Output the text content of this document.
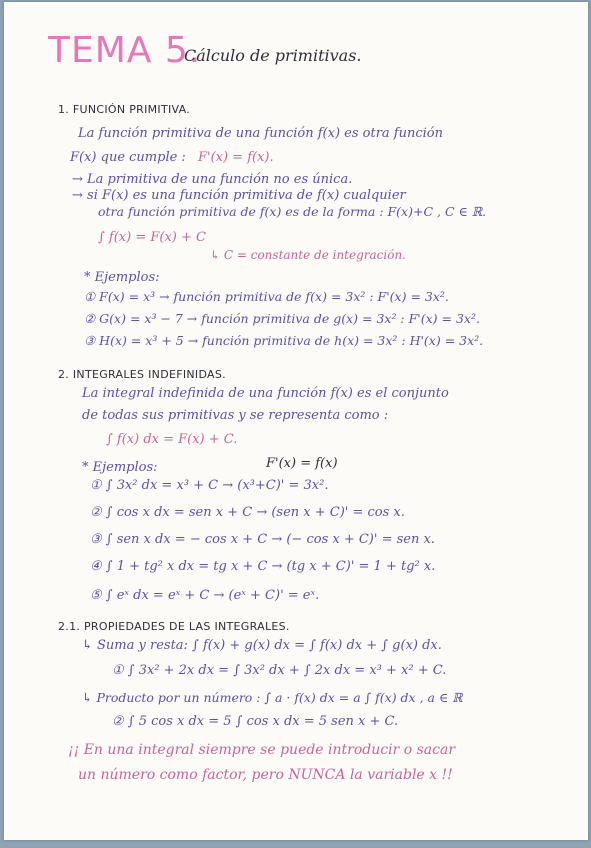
TEMA 5.
Cálculo de primitivas.
1. FUNCIÓN PRIMITIVA.
La función primitiva de una función f(x) es otra función
F(x) que cumple : F'(x) = f(x).
→ La primitiva de una función no es única.
→ si F(x) es una función primitiva de f(x) cualquier
otra función primitiva de f(x) es de la forma : F(x)+C , C ∈ ℝ.
∫ f(x) = F(x) + C
↳ C = constante de integración.
* Ejemplos:
① F(x) = x³ → función primitiva de f(x) = 3x² : F'(x) = 3x².
② G(x) = x³ − 7 → función primitiva de g(x) = 3x² : F'(x) = 3x².
③ H(x) = x³ + 5 → función primitiva de h(x) = 3x² : H'(x) = 3x².
2. INTEGRALES INDEFINIDAS.
La integral indefinida de una función f(x) es el conjunto
de todas sus primitivas y se representa como :
∫ f(x) dx = F(x) + C.
* Ejemplos:	F'(x) = f(x)
① ∫ 3x² dx = x³ + C → (x³+C)' = 3x².
② ∫ cos x dx = sen x + C → (sen x + C)' = cos x.
③ ∫ sen x dx = − cos x + C → (− cos x + C)' = sen x.
④ ∫ 1 + tg² x dx = tg x + C → (tg x + C)' = 1 + tg² x.
⑤ ∫ eˣ dx = eˣ + C → (eˣ + C)' = eˣ.
2.1. PROPIEDADES DE LAS INTEGRALES.
↳ Suma y resta: ∫ f(x) + g(x) dx = ∫ f(x) dx + ∫ g(x) dx.
① ∫ 3x² + 2x dx = ∫ 3x² dx + ∫ 2x dx = x³ + x² + C.
↳ Producto por un número : ∫ a · f(x) dx = a ∫ f(x) dx , a ∈ ℝ
② ∫ 5 cos x dx = 5 ∫ cos x dx = 5 sen x + C.
¡¡ En una integral siempre se puede introducir o sacar
un número como factor, pero NUNCA la variable x !!
